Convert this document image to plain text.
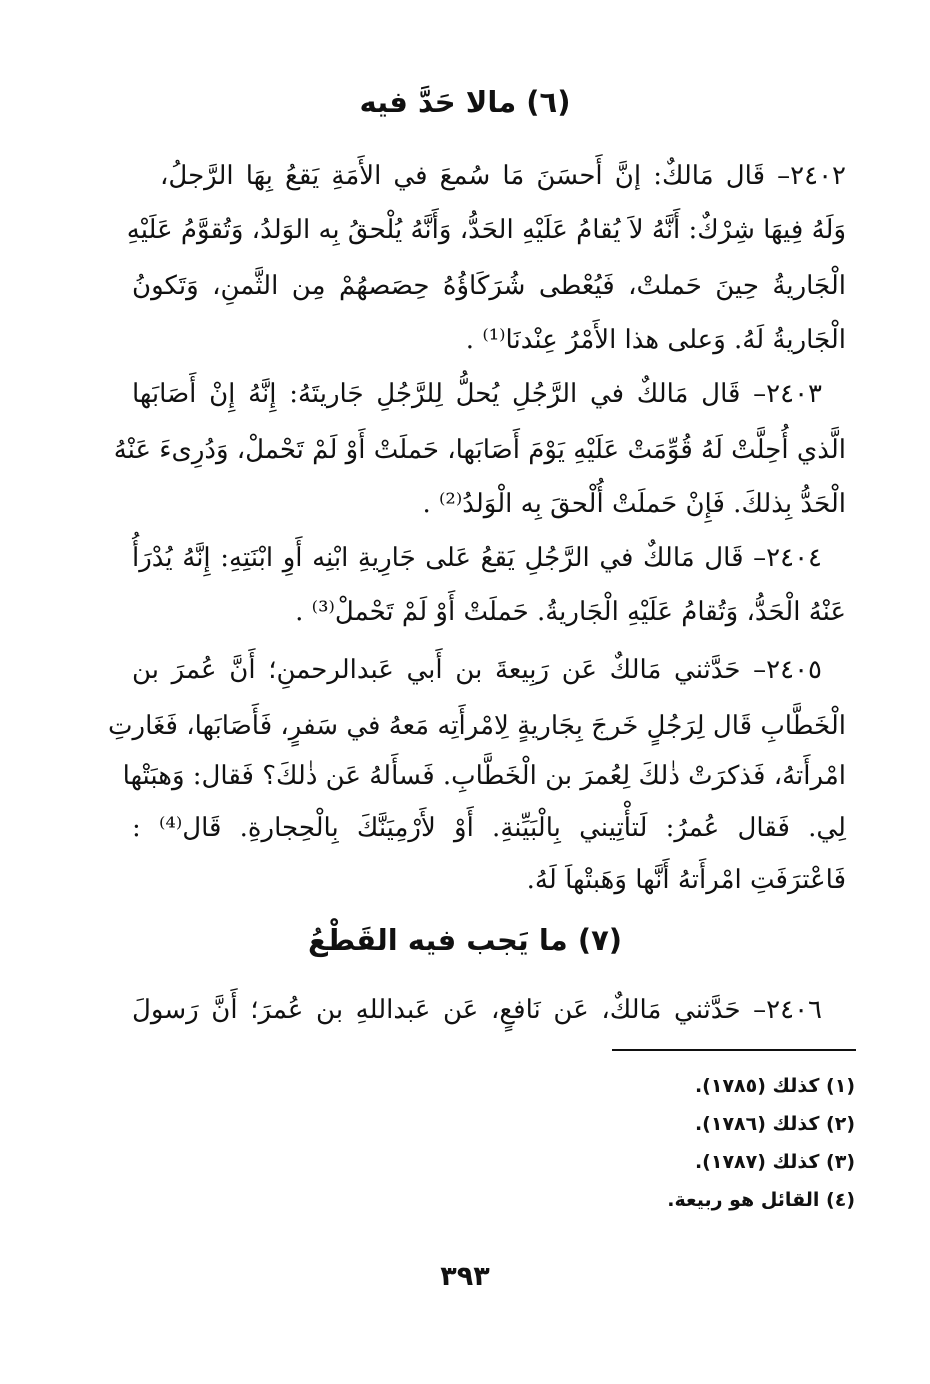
(٦) مالا حَدَّ فيه
٢٤٠٢– قَال مَالكٌ: إنَّ أَحسَنَ مَا سُمعَ في الأَمَةِ يَقعُ بِهَا الرَّجلُ،
وَلَهُ فِيهَا شِرْكٌ: أَنَّهُ لاَ يُقامُ عَلَيْهِ الحَدُّ، وَأَنَّهُ يُلْحقُ بِه الوَلدُ، وَتُقوَّمُ عَلَيْهِ
الْجَاريةُ حِينَ حَملتْ، فَيُعْطى شُرَكَاؤُهُ حِصَصهُمْ مِن الثَّمنِ، وَتَكونُ
الْجَاريةُ لَهُ. وَعلى هذا الأَمْرُ عِنْدنَا⁽¹⁾ .
٢٤٠٣– قَال مَالكٌ في الرَّجُلِ يُحلُّ لِلرَّجُلِ جَاريتَهُ: إِنَّهُ إِنْ أَصَابَها
الَّذي أُحِلَّتْ لَهُ قُوِّمَتْ عَلَيْهِ يَوْمَ أَصَابَها، حَملَتْ أَوْ لَمْ تَحْملْ، وَدُرِىءَ عَنْهُ
الْحَدُّ بِذلكَ. فَإِنْ حَملَتْ أُلْحقَ بِه الْوَلدُ⁽²⁾ .
٢٤٠٤– قَال مَالكٌ في الرَّجُلِ يَقعُ عَلى جَارِيةِ ابْنِه أَوِ ابْنَتِهِ: إِنَّهُ يُدْرَأُ
عَنْهُ الْحَدُّ، وَتُقامُ عَلَيْهِ الْجَاريةُ. حَملَتْ أَوْ لَمْ تَحْملْ⁽³⁾ .
٢٤٠٥– حَدَّثني مَالكٌ عَن رَبِيعةَ بن أَبي عَبدالرحمنِ؛ أَنَّ عُمرَ بن
الْخَطَّابِ قَال لِرَجُلٍ خَرجَ بِجَاريةٍ لِامْرأَتِه مَعهُ في سَفرٍ، فَأَصَابَها، فَغَارتِ
امْرأَتهُ، فَذكرَتْ ذٰلكَ لِعُمرَ بن الْخَطَّابِ. فَسأَلهُ عَن ذٰلكَ؟ فَقال: وَهبَتْها
لِي. فَقال عُمرُ: لَتأْتِيني بِالْبَيِّنةِ. أَوْ لأَرْمِيَنَّكَ بِالْحِجارةِ. قَال⁽⁴⁾ :
فَاعْترَفَتِ امْرأَتهُ أَنَّها وَهَبتْهاَ لَهُ.
(٧) ما يَجب فيه القَطْعُ
٢٤٠٦– حَدَّثني مَالكٌ، عَن نَافعٍ، عَن عَبداللهِ بن عُمرَ؛ أَنَّ رَسولَ
(١) كذلك (١٧٨٥).
(٢) كذلك (١٧٨٦).
(٣) كذلك (١٧٨٧).
(٤) القائل هو ربيعة.
٣٩٣
